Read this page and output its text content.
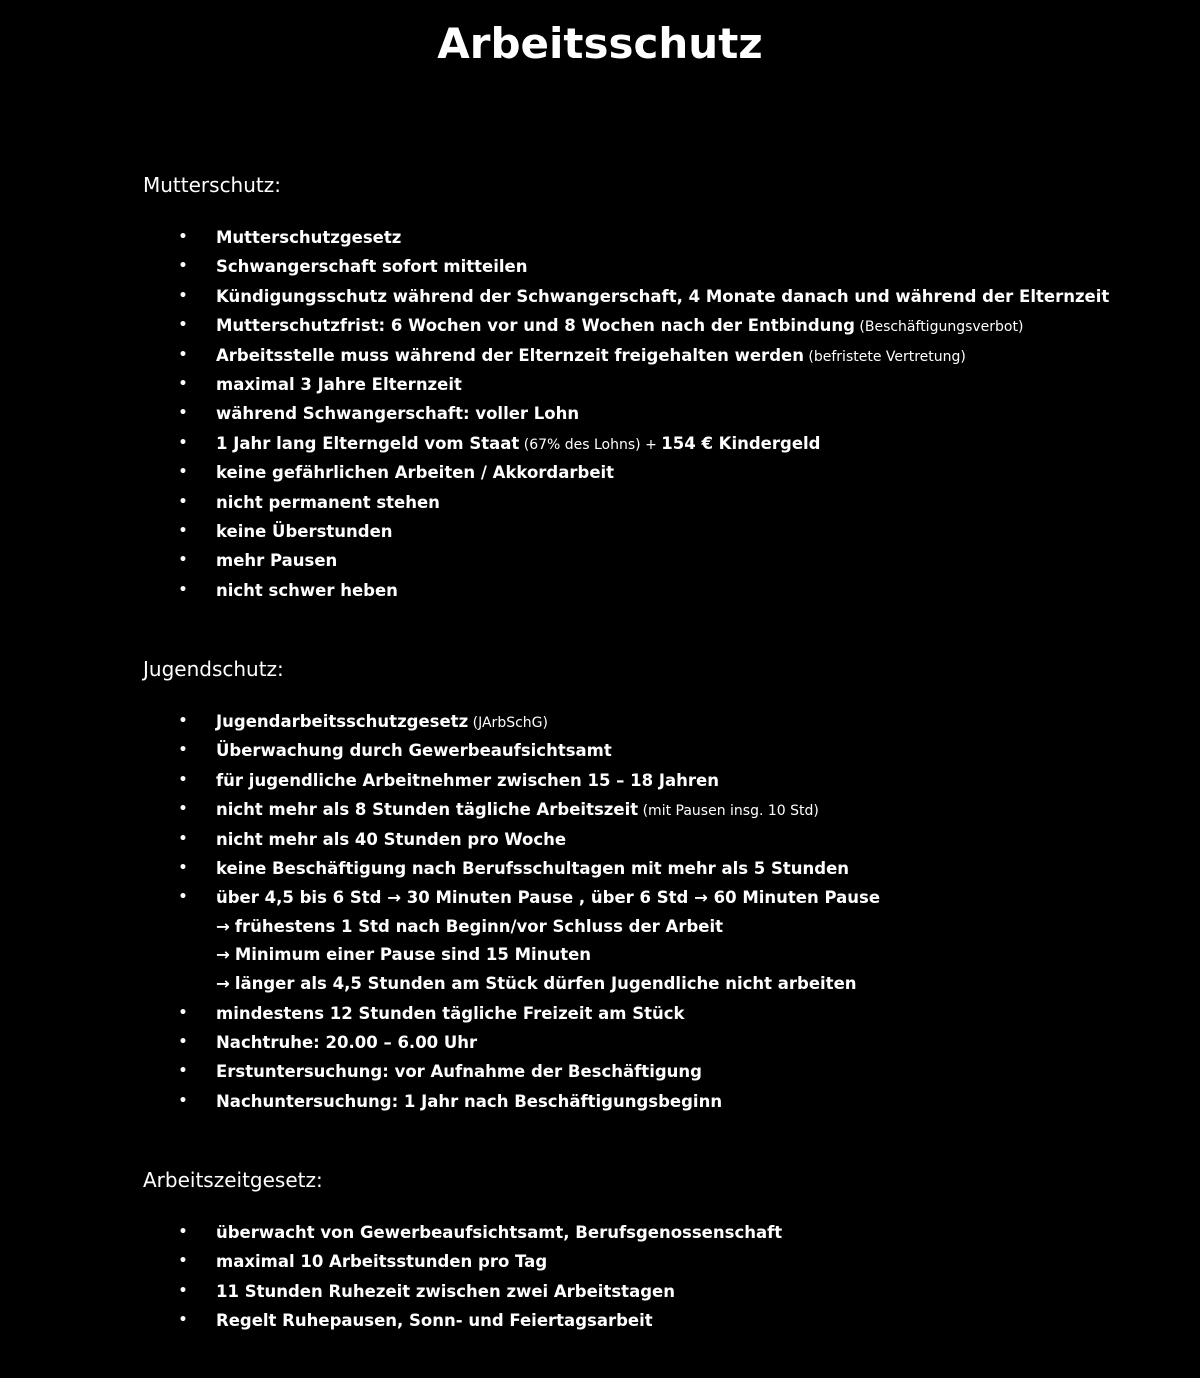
Arbeitsschutz
Mutterschutz:
• Mutterschutzgesetz
• Schwangerschaft sofort mitteilen
• Kündigungsschutz während der Schwangerschaft, 4 Monate danach und während der Elternzeit
• Mutterschutzfrist: 6 Wochen vor und 8 Wochen nach der Entbindung (Beschäftigungsverbot)
• Arbeitsstelle muss während der Elternzeit freigehalten werden (befristete Vertretung)
• maximal 3 Jahre Elternzeit
• während Schwangerschaft: voller Lohn
• 1 Jahr lang Elterngeld vom Staat (67% des Lohns) + 154 € Kindergeld
• keine gefährlichen Arbeiten / Akkordarbeit
• nicht permanent stehen
• keine Überstunden
• mehr Pausen
• nicht schwer heben
Jugendschutz:
• Jugendarbeitsschutzgesetz (JArbSchG)
• Überwachung durch Gewerbeaufsichtsamt
• für jugendliche Arbeitnehmer zwischen 15 – 18 Jahren
• nicht mehr als 8 Stunden tägliche Arbeitszeit (mit Pausen insg. 10 Std)
• nicht mehr als 40 Stunden pro Woche
• keine Beschäftigung nach Berufsschultagen mit mehr als 5 Stunden
• über 4,5 bis 6 Std → 30 Minuten Pause , über 6 Std → 60 Minuten Pause
→ frühestens 1 Std nach Beginn/vor Schluss der Arbeit
→ Minimum einer Pause sind 15 Minuten
→ länger als 4,5 Stunden am Stück dürfen Jugendliche nicht arbeiten
• mindestens 12 Stunden tägliche Freizeit am Stück
• Nachtruhe: 20.00 – 6.00 Uhr
• Erstuntersuchung: vor Aufnahme der Beschäftigung
• Nachuntersuchung: 1 Jahr nach Beschäftigungsbeginn
Arbeitszeitgesetz:
• überwacht von Gewerbeaufsichtsamt, Berufsgenossenschaft
• maximal 10 Arbeitsstunden pro Tag
• 11 Stunden Ruhezeit zwischen zwei Arbeitstagen
• Regelt Ruhepausen, Sonn- und Feiertagsarbeit
